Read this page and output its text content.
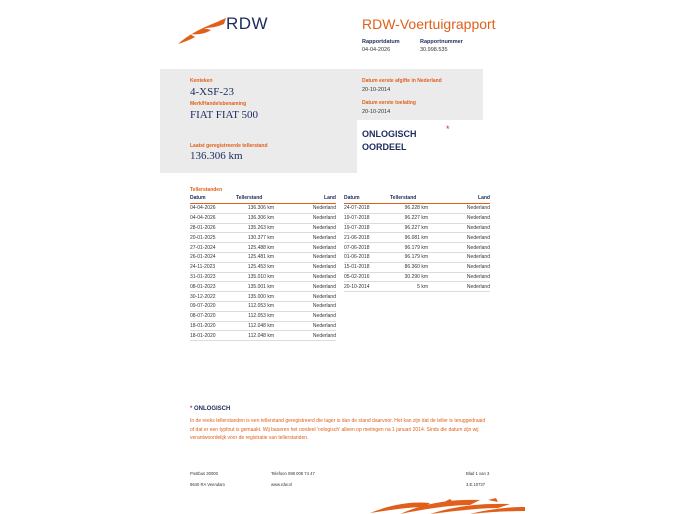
RDW	RDW-Voertuigrapport
Rapportdatum
04-04-2026
Rapportnummer
30.998.535
Kenteken
4-XSF-23
Merk/Handelsbenaming
FIAT FIAT 500
Laatst geregistreerde tellerstand
136.306 km
Datum eerste afgifte in Nederland
20-10-2014
Datum eerste toelating
20-10-2014
ONLOGISCH
OORDEEL
*
Tellerstanden
Datum	Tellerstand	Land
04-04-2026	136.306 km	Nederland
04-04-2026	136.306 km	Nederland
28-01-2026	135.263 km	Nederland
20-01-2025	130.377 km	Nederland
27-01-2024	125.488 km	Nederland
26-01-2024	125.481 km	Nederland
24-11-2023	125.453 km	Nederland
31-01-2023	135.010 km	Nederland
08-01-2023	135.001 km	Nederland
30-12-2022	135.000 km	Nederland
09-07-2020	112.053 km	Nederland
08-07-2020	112.053 km	Nederland
18-01-2020	112.048 km	Nederland
18-01-2020	112.048 km	Nederland
Datum	Tellerstand	Land
24-07-2018	96.228 km	Nederland
19-07-2018	96.227 km	Nederland
19-07-2018	96.227 km	Nederland
21-06-2018	96.081 km	Nederland
07-06-2018	96.179 km	Nederland
01-06-2018	96.179 km	Nederland
15-01-2018	86.360 km	Nederland
05-02-2016	30.290 km	Nederland
20-10-2014	5 km	Nederland
* ONLOGISCH
In de reeks tellerstanden is een tellerstand geregistreerd die lager is dan de stand daarvoor. Het kan zijn dat de teller is teruggedraaid of dat er een typfout is gemaakt. Wij baseren het oordeel 'onlogisch' alleen op metingen na 1 januari 2014. Sinds die datum zijn wij verantwoordelijk voor de registratie van tellerstanden.
Postbus 30000
9640 RA Veendam
Telefoon 088 008 74 47
www.rdw.nl
Blad 1 van 3
3.E.10737
